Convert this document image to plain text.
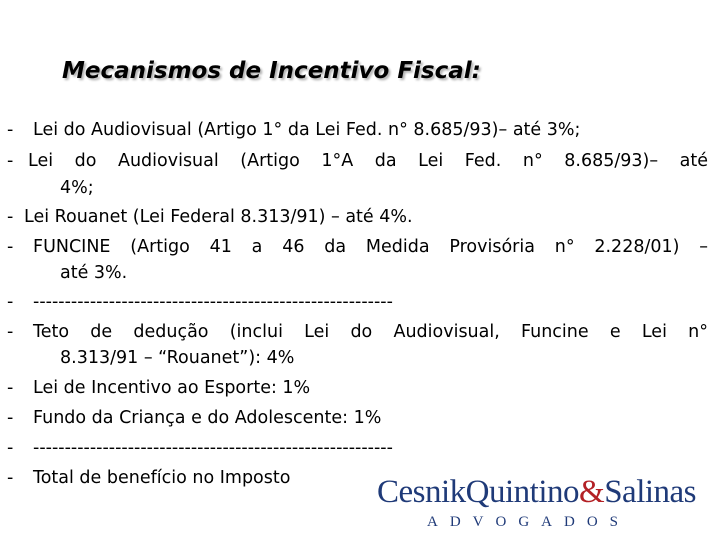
Mecanismos de Incentivo Fiscal:
- Lei do Audiovisual (Artigo 1° da Lei Fed. n° 8.685/93)– até 3%;
- Lei do Audiovisual (Artigo 1°A da Lei Fed. n° 8.685/93)– até
4%;
- Lei Rouanet (Lei Federal 8.313/91) – até 4%.
- FUNCINE (Artigo 41 a 46 da Medida Provisória n° 2.228/01) –
até 3%.
- ---------------------------------------------------------
- Teto de dedução (inclui Lei do Audiovisual, Funcine e Lei n°
8.313/91 – “Rouanet”): 4%
- Lei de Incentivo ao Esporte: 1%
- Fundo da Criança e do Adolescente: 1%
- ---------------------------------------------------------
- Total de benefício no Imposto	CesnikQuintino&Salinas
ADVOGADOS
